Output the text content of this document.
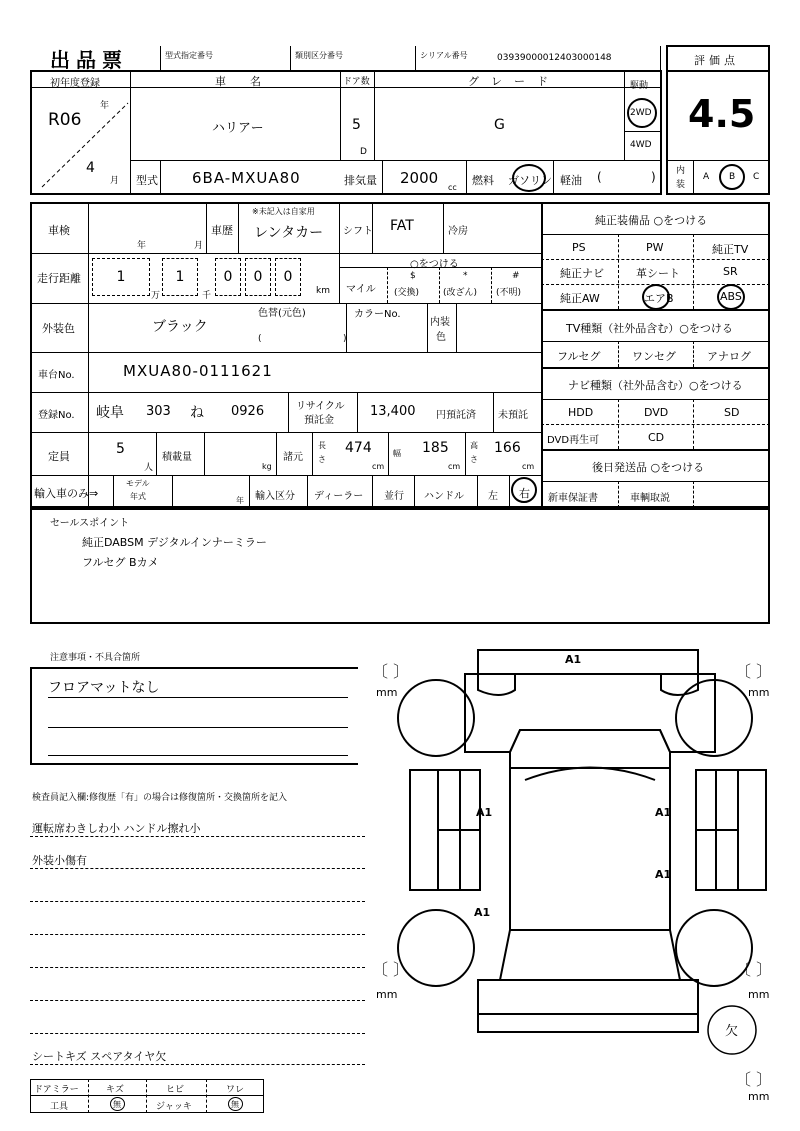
出品票	型式指定番号	類別区分番号	シリアル番号	03939000012403000148	評価点
4.5
内
装
A B C
初年度登録
R06
年
4
月
車名
ハリアー
ドア数
5
D
グレード
G
駆動
2WD
4WD
型式 6BA-MXUA80	排気量 2000
cc
燃料 ガソリン 軽油 (	)
車検
年	月
車歴
※未記入は自家用
レンタカー シフト FAT	冷房
走行距離	1	1	0	0	0
万	千	km
○をつける
マイル
$
(交換)
*
(改ざん)
#
(不明)
外装色	ブラック
色替(元色)
(	)
カラーNo.
内装
色
車台No.	MXUA80-0111621
登録No. 岐阜 303 ね 0926	リサイクル
預託金
13,400 円預託済 未預託
定員	5
人
積載量
kg
諸元
長
さ
474
cm
幅 185
cm
高
さ
166
cm
輸入車のみ⇒
モデル
年式	年 輸入区分 ディーラー 並行 ハンドル 左 右
純正装備品 ○をつける
PS	PW	純正TV
純正ナビ	革シート	SR
純正AW	エアB	ABS
TV種類（社外品含む）○をつける
フルセグ	ワンセグ	アナログ
ナビ種類（社外品含む）○をつける
HDD	DVD	SD
DVD再生可	CD
後日発送品 ○をつける
新車保証書	車輌取説
セールスポイント
純正DABSM デジタルインナーミラー
フルセグ Bカメ
注意事項・不具合箇所
フロアマットなし
検査員記入欄:修復歴「有」の場合は修復箇所・交換箇所を記入
運転席わきしわ小 ハンドル擦れ小
外装小傷有
シートキズ スペアタイヤ欠
ドアミラー	キズ	ヒビ	ワレ
工具	無	ジャッキ	無
〔 〕	〔 〕
〔 〕	〔 〕
〔 〕
mm	mm
mm	mm
mm
A1
A1	A1
A1
A1
欠
